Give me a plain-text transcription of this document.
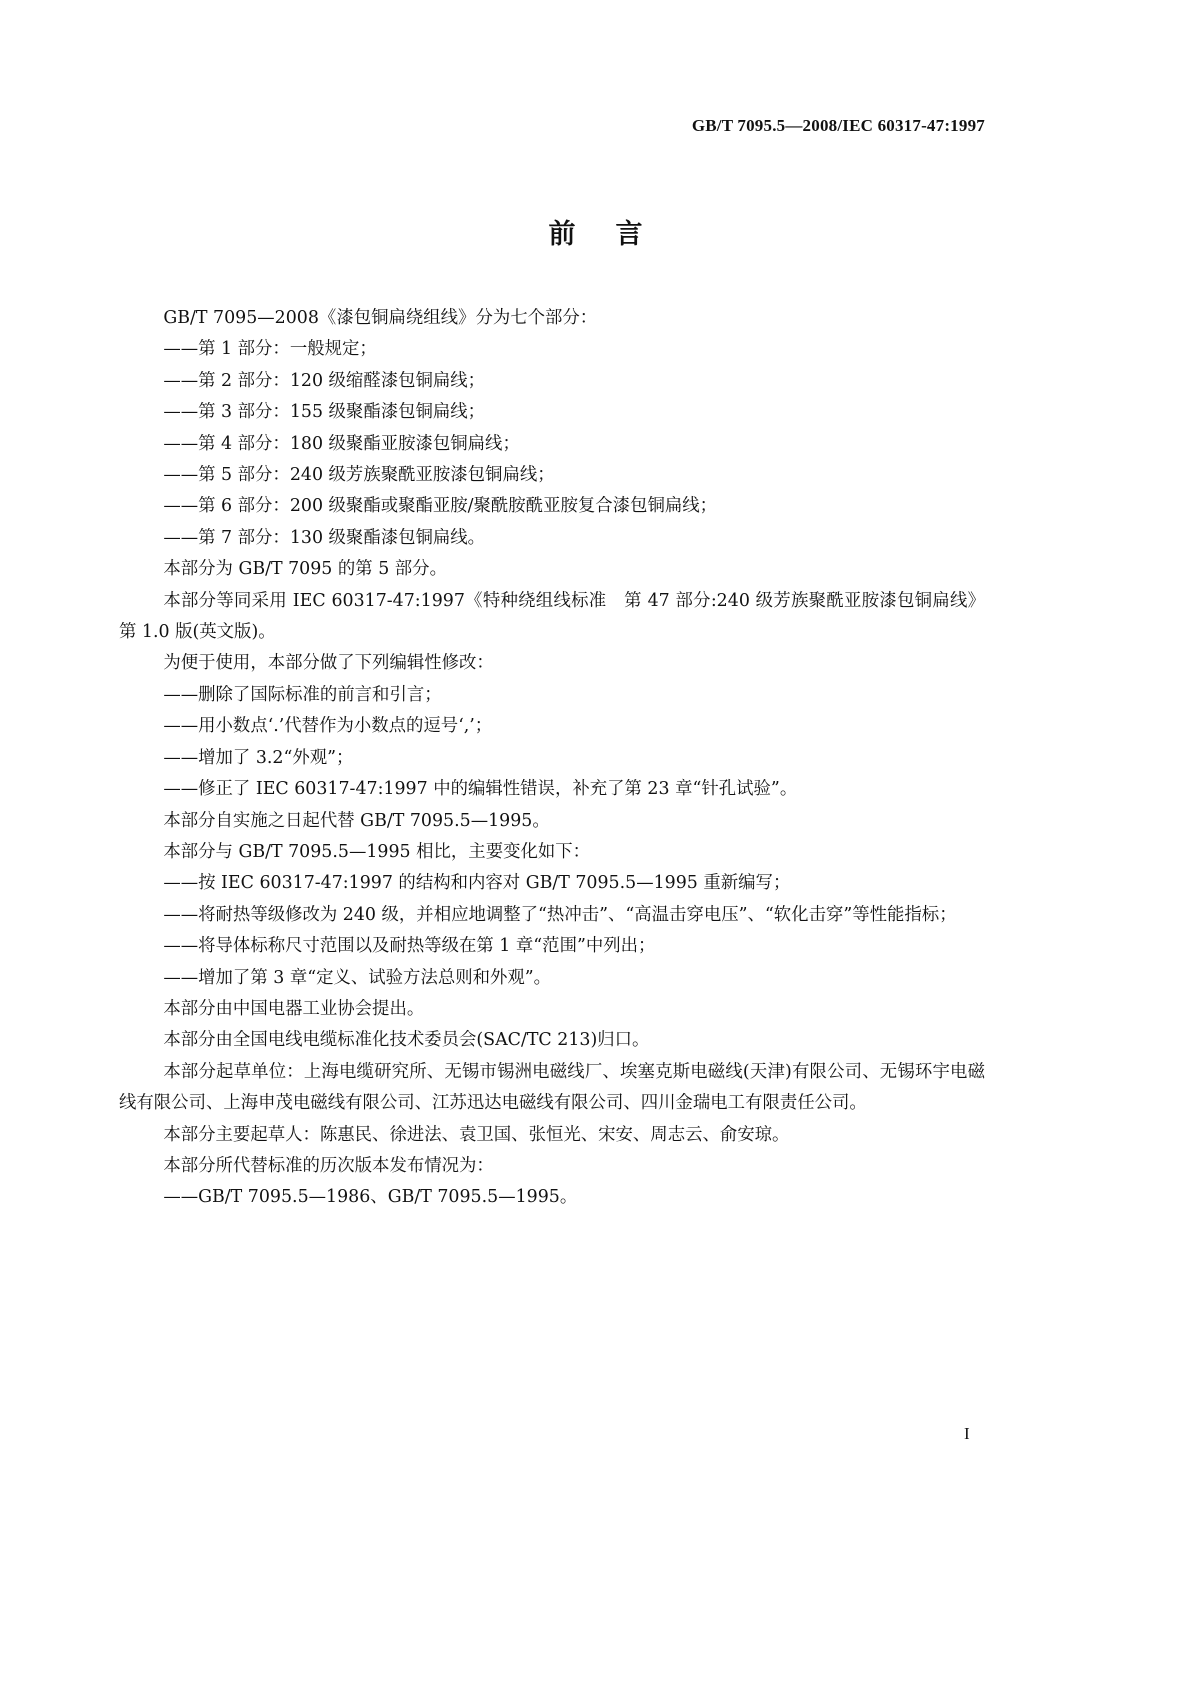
GB/T 7095.5—2008/IEC 60317-47:1997
前言

GB/T 7095—2008《漆包铜扁绕组线》分为七个部分：

——第 1 部分：一般规定；

——第 2 部分：120 级缩醛漆包铜扁线；

——第 3 部分：155 级聚酯漆包铜扁线；

——第 4 部分：180 级聚酯亚胺漆包铜扁线；

——第 5 部分：240 级芳族聚酰亚胺漆包铜扁线；

——第 6 部分：200 级聚酯或聚酯亚胺/聚酰胺酰亚胺复合漆包铜扁线；

——第 7 部分：130 级聚酯漆包铜扁线。

本部分为 GB/T 7095 的第 5 部分。

本部分等同采用 IEC 60317-47:1997《特种绕组线标准　第 47 部分:240 级芳族聚酰亚胺漆包铜扁线》第 1.0 版(英文版)。

为便于使用，本部分做了下列编辑性修改：

——删除了国际标准的前言和引言；

——用小数点‘.’代替作为小数点的逗号‘,’；

——增加了 3.2“外观”；

——修正了 IEC 60317-47:1997 中的编辑性错误，补充了第 23 章“针孔试验”。

本部分自实施之日起代替 GB/T 7095.5—1995。

本部分与 GB/T 7095.5—1995 相比，主要变化如下：

——按 IEC 60317-47:1997 的结构和内容对 GB/T 7095.5—1995 重新编写；

——将耐热等级修改为 240 级，并相应地调整了“热冲击”、“高温击穿电压”、“软化击穿”等性能指标；

——将导体标称尺寸范围以及耐热等级在第 1 章“范围”中列出；

——增加了第 3 章“定义、试验方法总则和外观”。

本部分由中国电器工业协会提出。

本部分由全国电线电缆标准化技术委员会(SAC/TC 213)归口。

本部分起草单位：上海电缆研究所、无锡市锡洲电磁线厂、埃塞克斯电磁线(天津)有限公司、无锡环宇电磁线有限公司、上海申茂电磁线有限公司、江苏迅达电磁线有限公司、四川金瑞电工有限责任公司。

本部分主要起草人：陈惠民、徐进法、袁卫国、张恒光、宋安、周志云、俞安琼。

本部分所代替标准的历次版本发布情况为：

——GB/T 7095.5—1986、GB/T 7095.5—1995。

I
